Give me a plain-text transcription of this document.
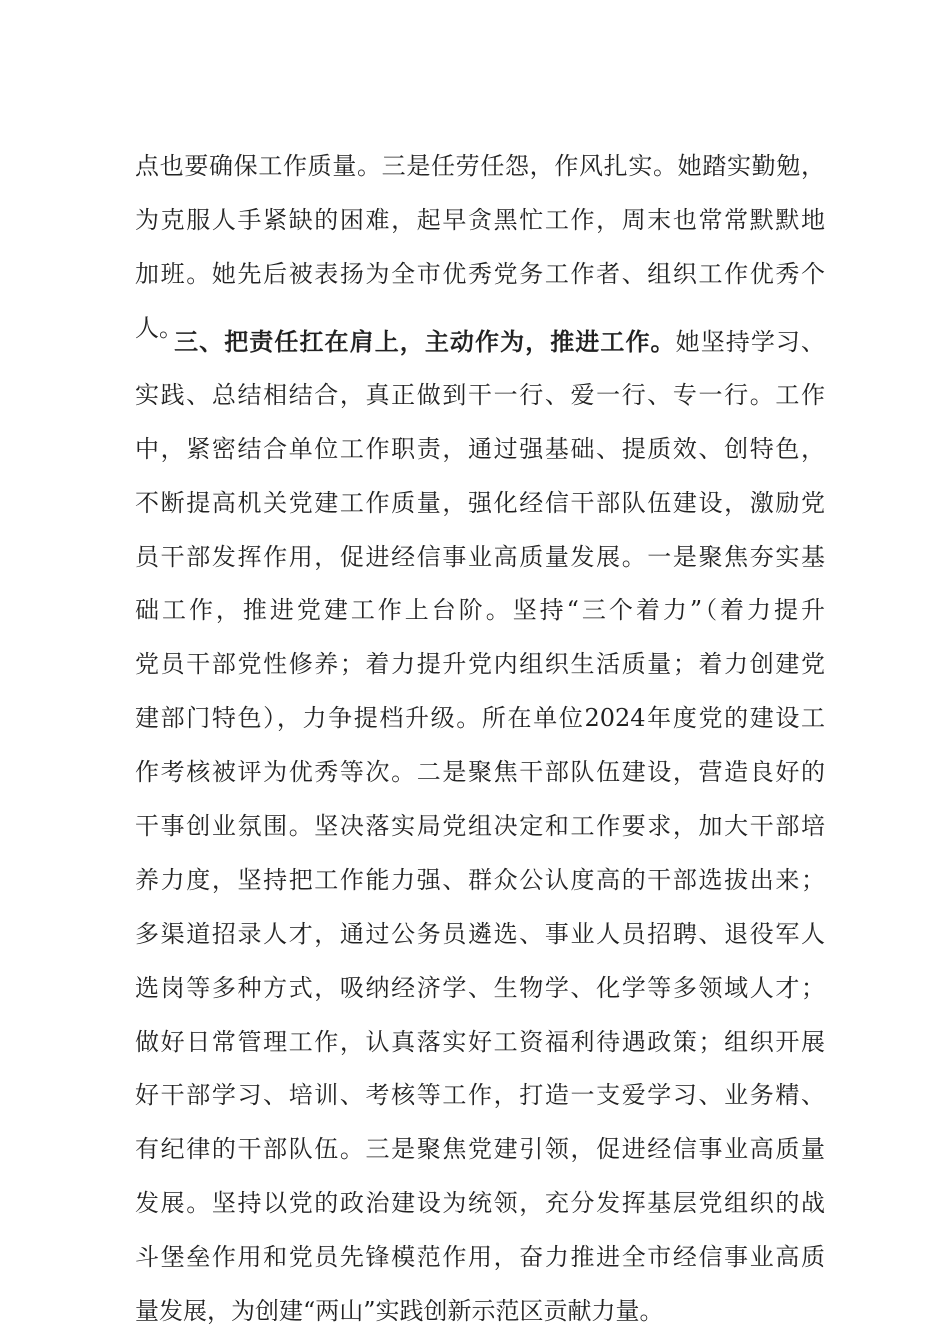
点也要确保工作质量。三是任劳任怨，作风扎实。她踏实勤勉，
为克服人手紧缺的困难，起早贪黑忙工作，周末也常常默默地
加班。她先后被表扬为全市优秀党务工作者、组织工作优秀个
人。
三、把责任扛在肩上，主动作为，推进工作。她坚持学习、
实践、总结相结合，真正做到干一行、爱一行、专一行。工作
中，紧密结合单位工作职责，通过强基础、提质效、创特色，
不断提高机关党建工作质量，强化经信干部队伍建设，激励党
员干部发挥作用，促进经信事业高质量发展。一是聚焦夯实基
础工作，推进党建工作上台阶。坚持“三个着力”（着力提升
党员干部党性修养；着力提升党内组织生活质量；着力创建党
建部门特色），力争提档升级。所在单位2024年度党的建设工
作考核被评为优秀等次。二是聚焦干部队伍建设，营造良好的
干事创业氛围。坚决落实局党组决定和工作要求，加大干部培
养力度，坚持把工作能力强、群众公认度高的干部选拔出来；
多渠道招录人才，通过公务员遴选、事业人员招聘、退役军人
选岗等多种方式，吸纳经济学、生物学、化学等多领域人才；
做好日常管理工作，认真落实好工资福利待遇政策；组织开展
好干部学习、培训、考核等工作，打造一支爱学习、业务精、
有纪律的干部队伍。三是聚焦党建引领，促进经信事业高质量
发展。坚持以党的政治建设为统领，充分发挥基层党组织的战
斗堡垒作用和党员先锋模范作用，奋力推进全市经信事业高质
量发展，为创建“两山”实践创新示范区贡献力量。
